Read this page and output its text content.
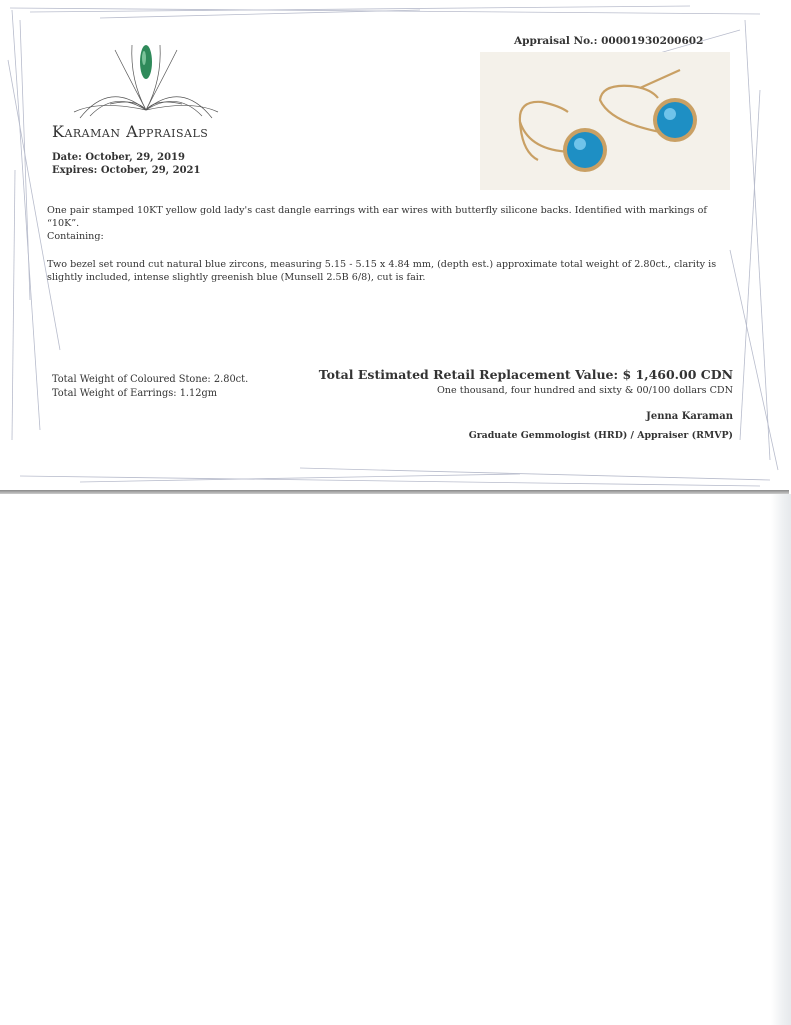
Karaman Appraisals
Date: October, 29, 2019
Expires: October, 29, 2021
Appraisal No.: 00001930200602
One pair stamped 10KT yellow gold lady's cast dangle earrings with ear wires with butterfly silicone backs. Identified with markings of
“10K”.
Containing:
Two bezel set round cut natural blue zircons, measuring 5.15 - 5.15 x 4.84 mm, (depth est.) approximate total weight of 2.80ct., clarity is
slightly included, intense slightly greenish blue (Munsell 2.5B 6/8), cut is fair.
Total Weight of Coloured Stone: 2.80ct.
Total Weight of Earrings: 1.12gm
Total Estimated Retail Replacement Value: $ 1,460.00 CDN
One thousand, four hundred and sixty & 00/100 dollars CDN
Jenna Karaman
Graduate Gemmologist (HRD) / Appraiser (RMVP)
